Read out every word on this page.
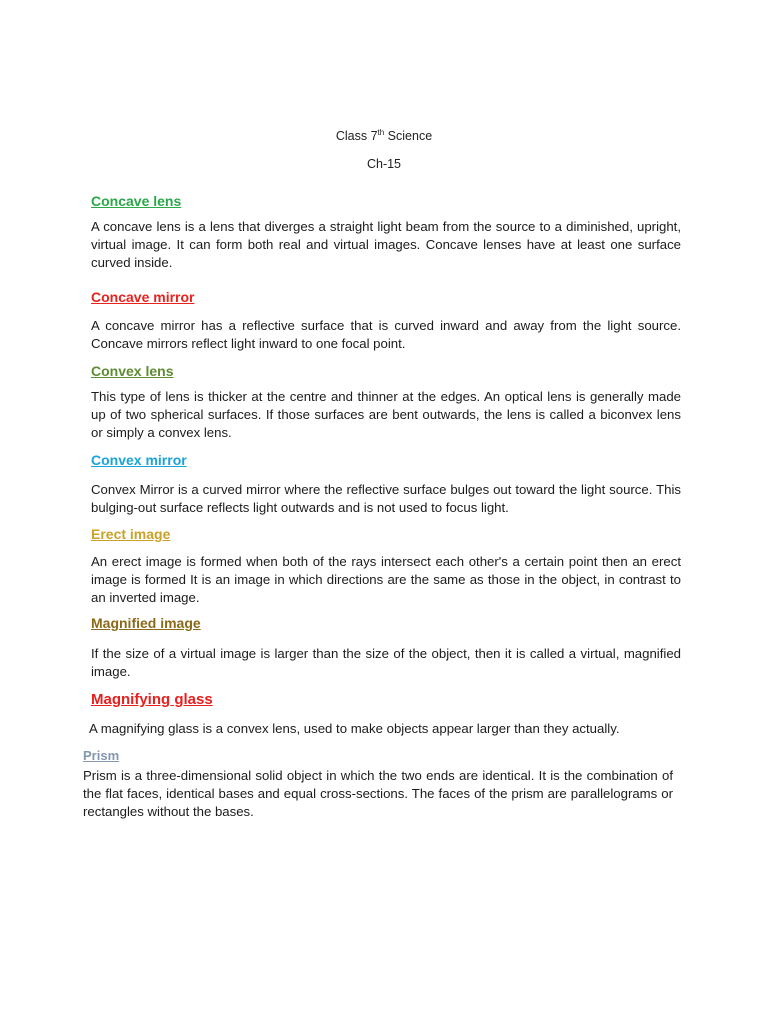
Class 7th Science
Ch-15
Concave lens

A concave lens is a lens that diverges a straight light beam from the source to a diminished, upright, virtual image. It can form both real and virtual images. Concave lenses have at least one surface curved inside.

Concave mirror

A concave mirror has a reflective surface that is curved inward and away from the light source. Concave mirrors reflect light inward to one focal point.

Convex lens

This type of lens is thicker at the centre and thinner at the edges. An optical lens is generally made up of two spherical surfaces. If those surfaces are bent outwards, the lens is called a biconvex lens or simply a convex lens.

Convex mirror

Convex Mirror is a curved mirror where the reflective surface bulges out toward the light source. This bulging-out surface reflects light outwards and is not used to focus light.

Erect image

An erect image is formed when both of the rays intersect each other's a certain point then an erect image is formed It is an image in which directions are the same as those in the object, in contrast to an inverted image.

Magnified image

If the size of a virtual image is larger than the size of the object, then it is called a virtual, magnified image.

Magnifying glass

A magnifying glass is a convex lens, used to make objects appear larger than they actually.

Prism

Prism is a three-dimensional solid object in which the two ends are identical. It is the combination of the flat faces, identical bases and equal cross-sections. The faces of the prism are parallelograms or rectangles without the bases.
